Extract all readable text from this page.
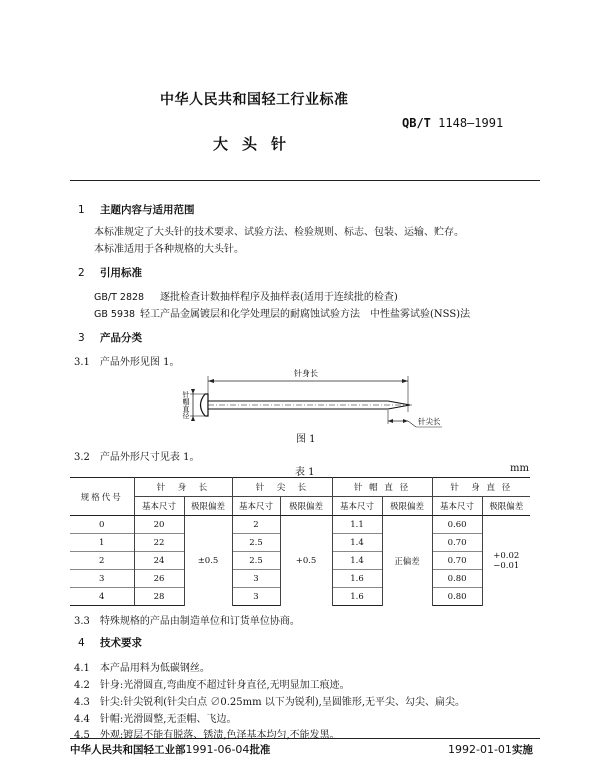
中华人民共和国轻工行业标准
QB/T 1148—1991
大头针
1 主题内容与适用范围
本标准规定了大头针的技术要求、试验方法、检验规则、标志、包装、运输、贮存。
本标准适用于各种规格的大头针。
2 引用标准
GB/T 2828 逐批检查计数抽样程序及抽样表(适用于连续批的检查)
GB 5938 轻工产品金属镀层和化学处理层的耐腐蚀试验方法　中性盐雾试验(NSS)法
3 产品分类
3.1　产品外形见图 1。
针身长
针帽直径
针尖长
图 1
3.2　产品外形尺寸见表 1。
表 1	mm
规格代号	针　身　长		针　尖　长		针 帽 直 径		针　身 直 径	
	基本尺寸	极限偏差	基本尺寸	极限偏差	基本尺寸	极限偏差	基本尺寸	极限偏差
0	20	±0.5	2	+0.5	1.1	正偏差	0.60	+0.02
−0.01

1	22		2.5		1.4		0.70	
2	24		2.5		1.4		0.70	
3	26		3		1.6		0.80	
4	28		3		1.6		0.80	
3.3　特殊规格的产品由制造单位和订货单位协商。
4 技术要求
4.1　本产品用料为低碳钢丝。
4.2　针身:光滑圆直,弯曲度不超过针身直径,无明显加工痕迹。
4.3　针尖:针尖锐利(针尖白点 ∅0.25mm 以下为锐利),呈圆锥形,无平尖、勾尖、扁尖。
4.4　针帽:光滑圆整,无歪帽、飞边。
4.5　外观:镀层不能有脱落、锈渍,色泽基本均匀,不能发黑。
中华人民共和国轻工业部1991-06-04批准	1992-01-01实施
